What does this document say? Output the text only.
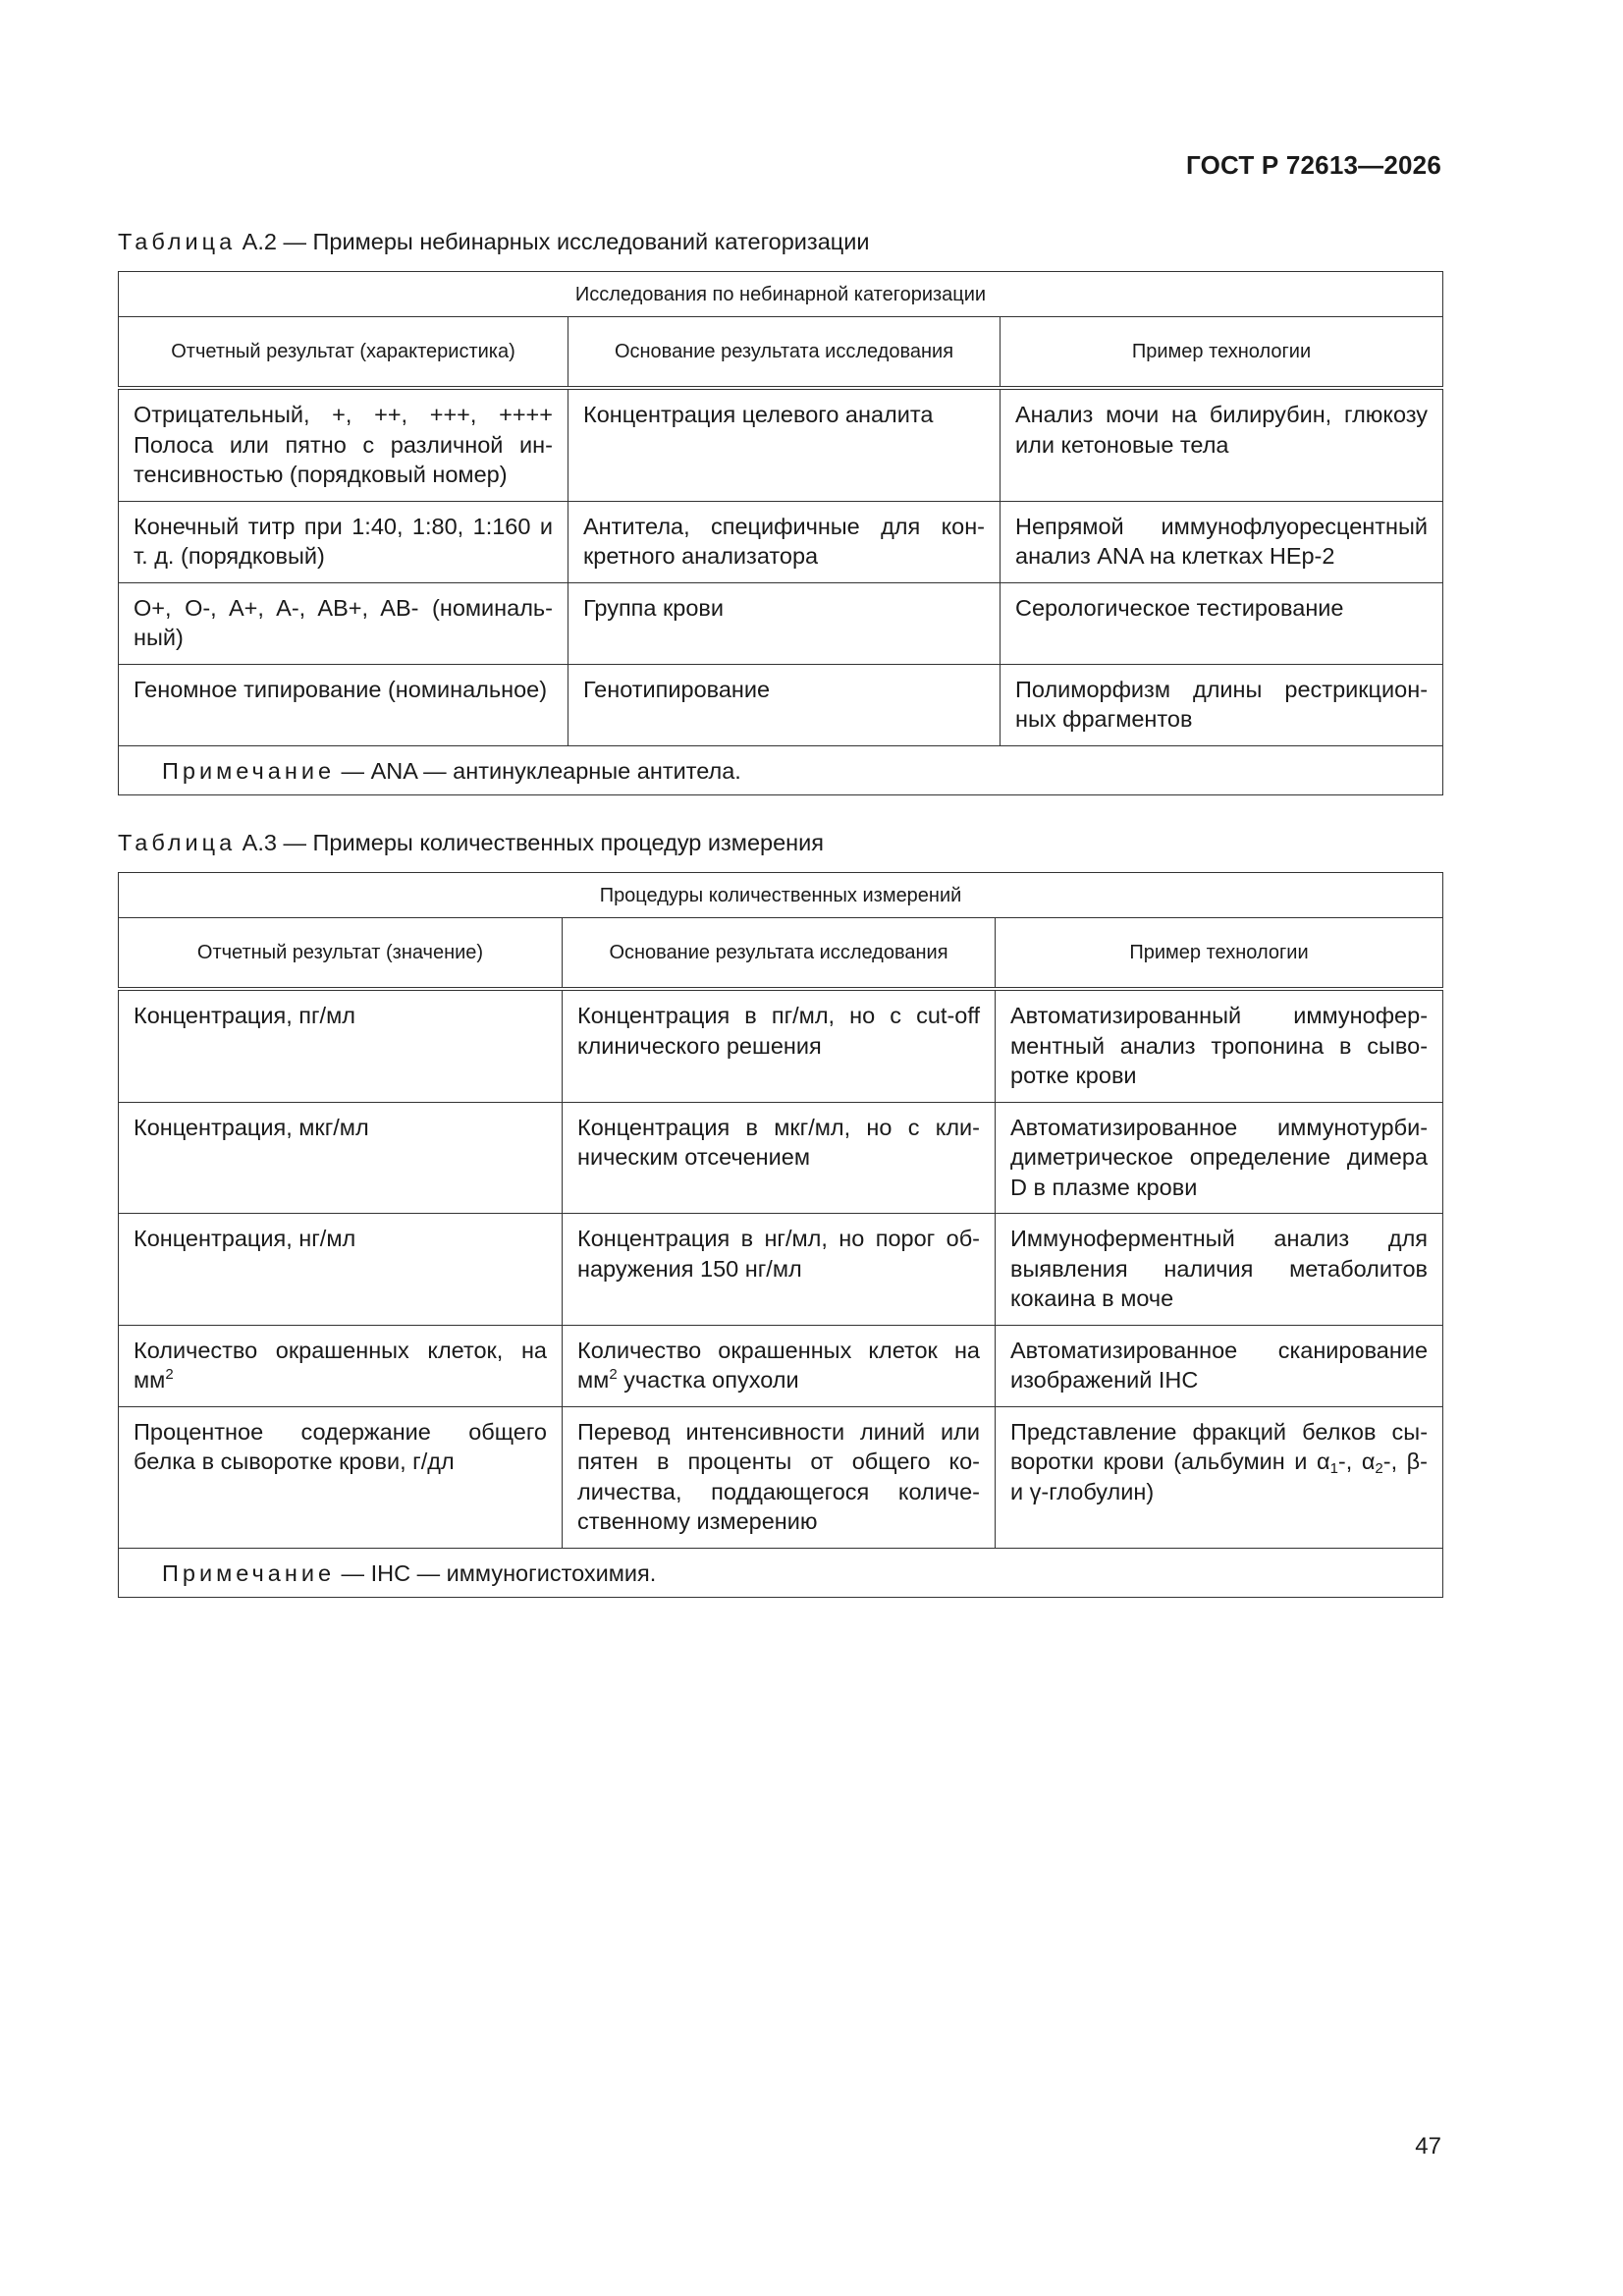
ГОСТ Р 72613—2026
Таблица А.2 — Примеры небинарных исследований категоризации
Исследования по небинарной категоризации		
Отчетный результат (характеристика)	Основание результата исследования	Пример технологии
Отрицательный, +, ++, +++, ++++ Полоса или пятно с различной интенсивностью (порядковый номер)	Концентрация целевого аналита	Анализ мочи на билирубин, глюкозу или кетоновые тела
Конечный титр при 1:40, 1:80, 1:160 и т. д. (порядковый)	Антитела, специфичные для конкретного анализатора	Непрямой иммунофлуоресцентный анализ ANA на клетках HEp-2
O+, O-, A+, A-, AB+, AB- (номинальный)	Группа крови	Серологическое тестирование
Геномное типирование (номинальное)	Генотипирование	Полиморфизм длины рестрикционных фрагментов
Примечание — ANA — антинуклеарные антитела.		
Таблица А.3 — Примеры количественных процедур измерения
Процедуры количественных измерений		
Отчетный результат (значение)	Основание результата исследования	Пример технологии
Концентрация, пг/мл	Концентрация в пг/мл, но с cut-off клинического решения	Автоматизированный иммуноферментный анализ тропонина в сыворотке крови
Концентрация, мкг/мл	Концентрация в мкг/мл, но с клиническим отсечением	Автоматизированное иммунотурбидиметрическое определение димера D в плазме крови
Концентрация, нг/мл	Концентрация в нг/мл, но порог обнаружения 150 нг/мл	Иммуноферментный анализ для выявления наличия метаболитов кокаина в моче
Количество окрашенных клеток, на $мм^2$	Количество окрашенных клеток на $мм^2$ участка опухоли	Автоматизированное сканирование изображений IHC
Процентное содержание общего белка в сыворотке крови, г/дл	Перевод интенсивности линий или пятен в проценты от общего количества, поддающегося количественному измерению	Представление фракций белков сыворотки крови (альбумин и $\alpha_1-$, $\alpha_2-$, β- и γ-глобулин)
Примечание — IHC — иммуногистохимия.		
47
